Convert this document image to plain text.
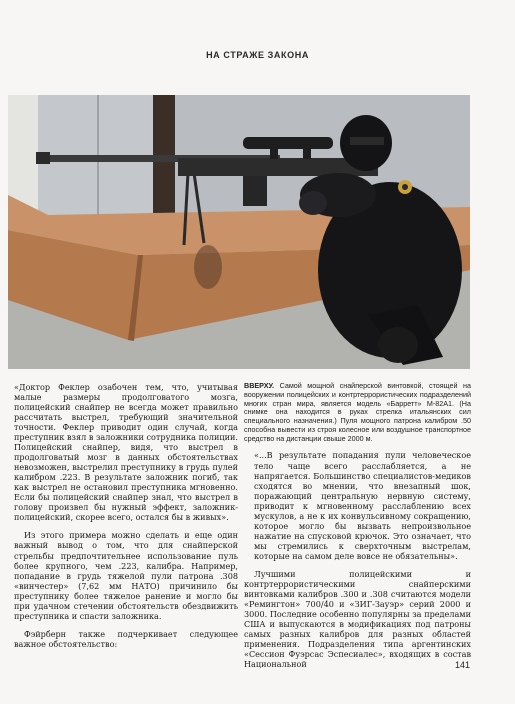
НА СТРАЖЕ ЗАКОНА

«Доктор Феклер озабочен тем, что, учитывая малые размеры продолговатого мозга, полицейский снайпер не всегда может правильно рассчитать выстрел, требующий значительной точности. Феклер приводит один случай, когда преступник взял в заложники сотрудника полиции. Полицейский снайпер, видя, что выстрел в продолговатый мозг в данных обстоятельствах невозможен, выстрелил преступнику в грудь пулей калибром .223. В результате заложник погиб, так как выстрел не остановил преступника мгновенно. Если бы полицейский снайпер знал, что выстрел в голову произвел бы нужный эффект, заложник-полицейский, скорее всего, остался бы в живых».

Из этого примера можно сделать и еще один важный вывод о том, что для снайперской стрельбы предпочтительнее использование пуль более крупного, чем .223, калибра. Например, попадание в грудь тяжелой пули патрона .308 «винчестер» (7,62 мм НАТО) причинило бы преступнику более тяжелое ранение и могло бы при удачном стечении обстоятельств обездвижить преступника и спасти заложника.

Фэйрберн также подчеркивает следующее важное обстоятельство:

ВВЕРХУ. Самой мощной снайперской винтовкой, стоящей на вооружении полицейских и контртеррористических подразделений многих стран мира, является модель «Барретт» М-82А1. (На снимке она находится в руках стрелка итальянских сил специального назначения.) Пуля мощного патрона калибром .50 способна вывести из строя колесное или воздушное транспортное средство на дистанции свыше 2000 м.

«...В результате попадания пули человеческое тело чаще всего расслабляется, а не напрягается. Большинство специалистов-медиков сходятся во мнении, что внезапный шок, поражающий центральную нервную систему, приводит к мгновенному расслаблению всех мускулов, а не к их конвульсивному сокращению, которое могло бы вызвать непроизвольное нажатие на спусковой крючок. Это означает, что мы стремились к сверхточным выстрелам, которые на самом деле вовсе не обязательны».

Лучшими полицейскими и контртеррористическими снайперскими винтовками калибров .300 и .308 считаются модели «Ремингтон» 700/40 и «ЗИГ-Зауэр» серий 2000 и 3000. Последние особенно популярны за пределами США и выпускаются в модификациях под патроны самых разных калибров для разных областей применения. Подразделения типа аргентинских «Сессион Фуэрсас Эспесиалес», входящих в состав Национальной	141
